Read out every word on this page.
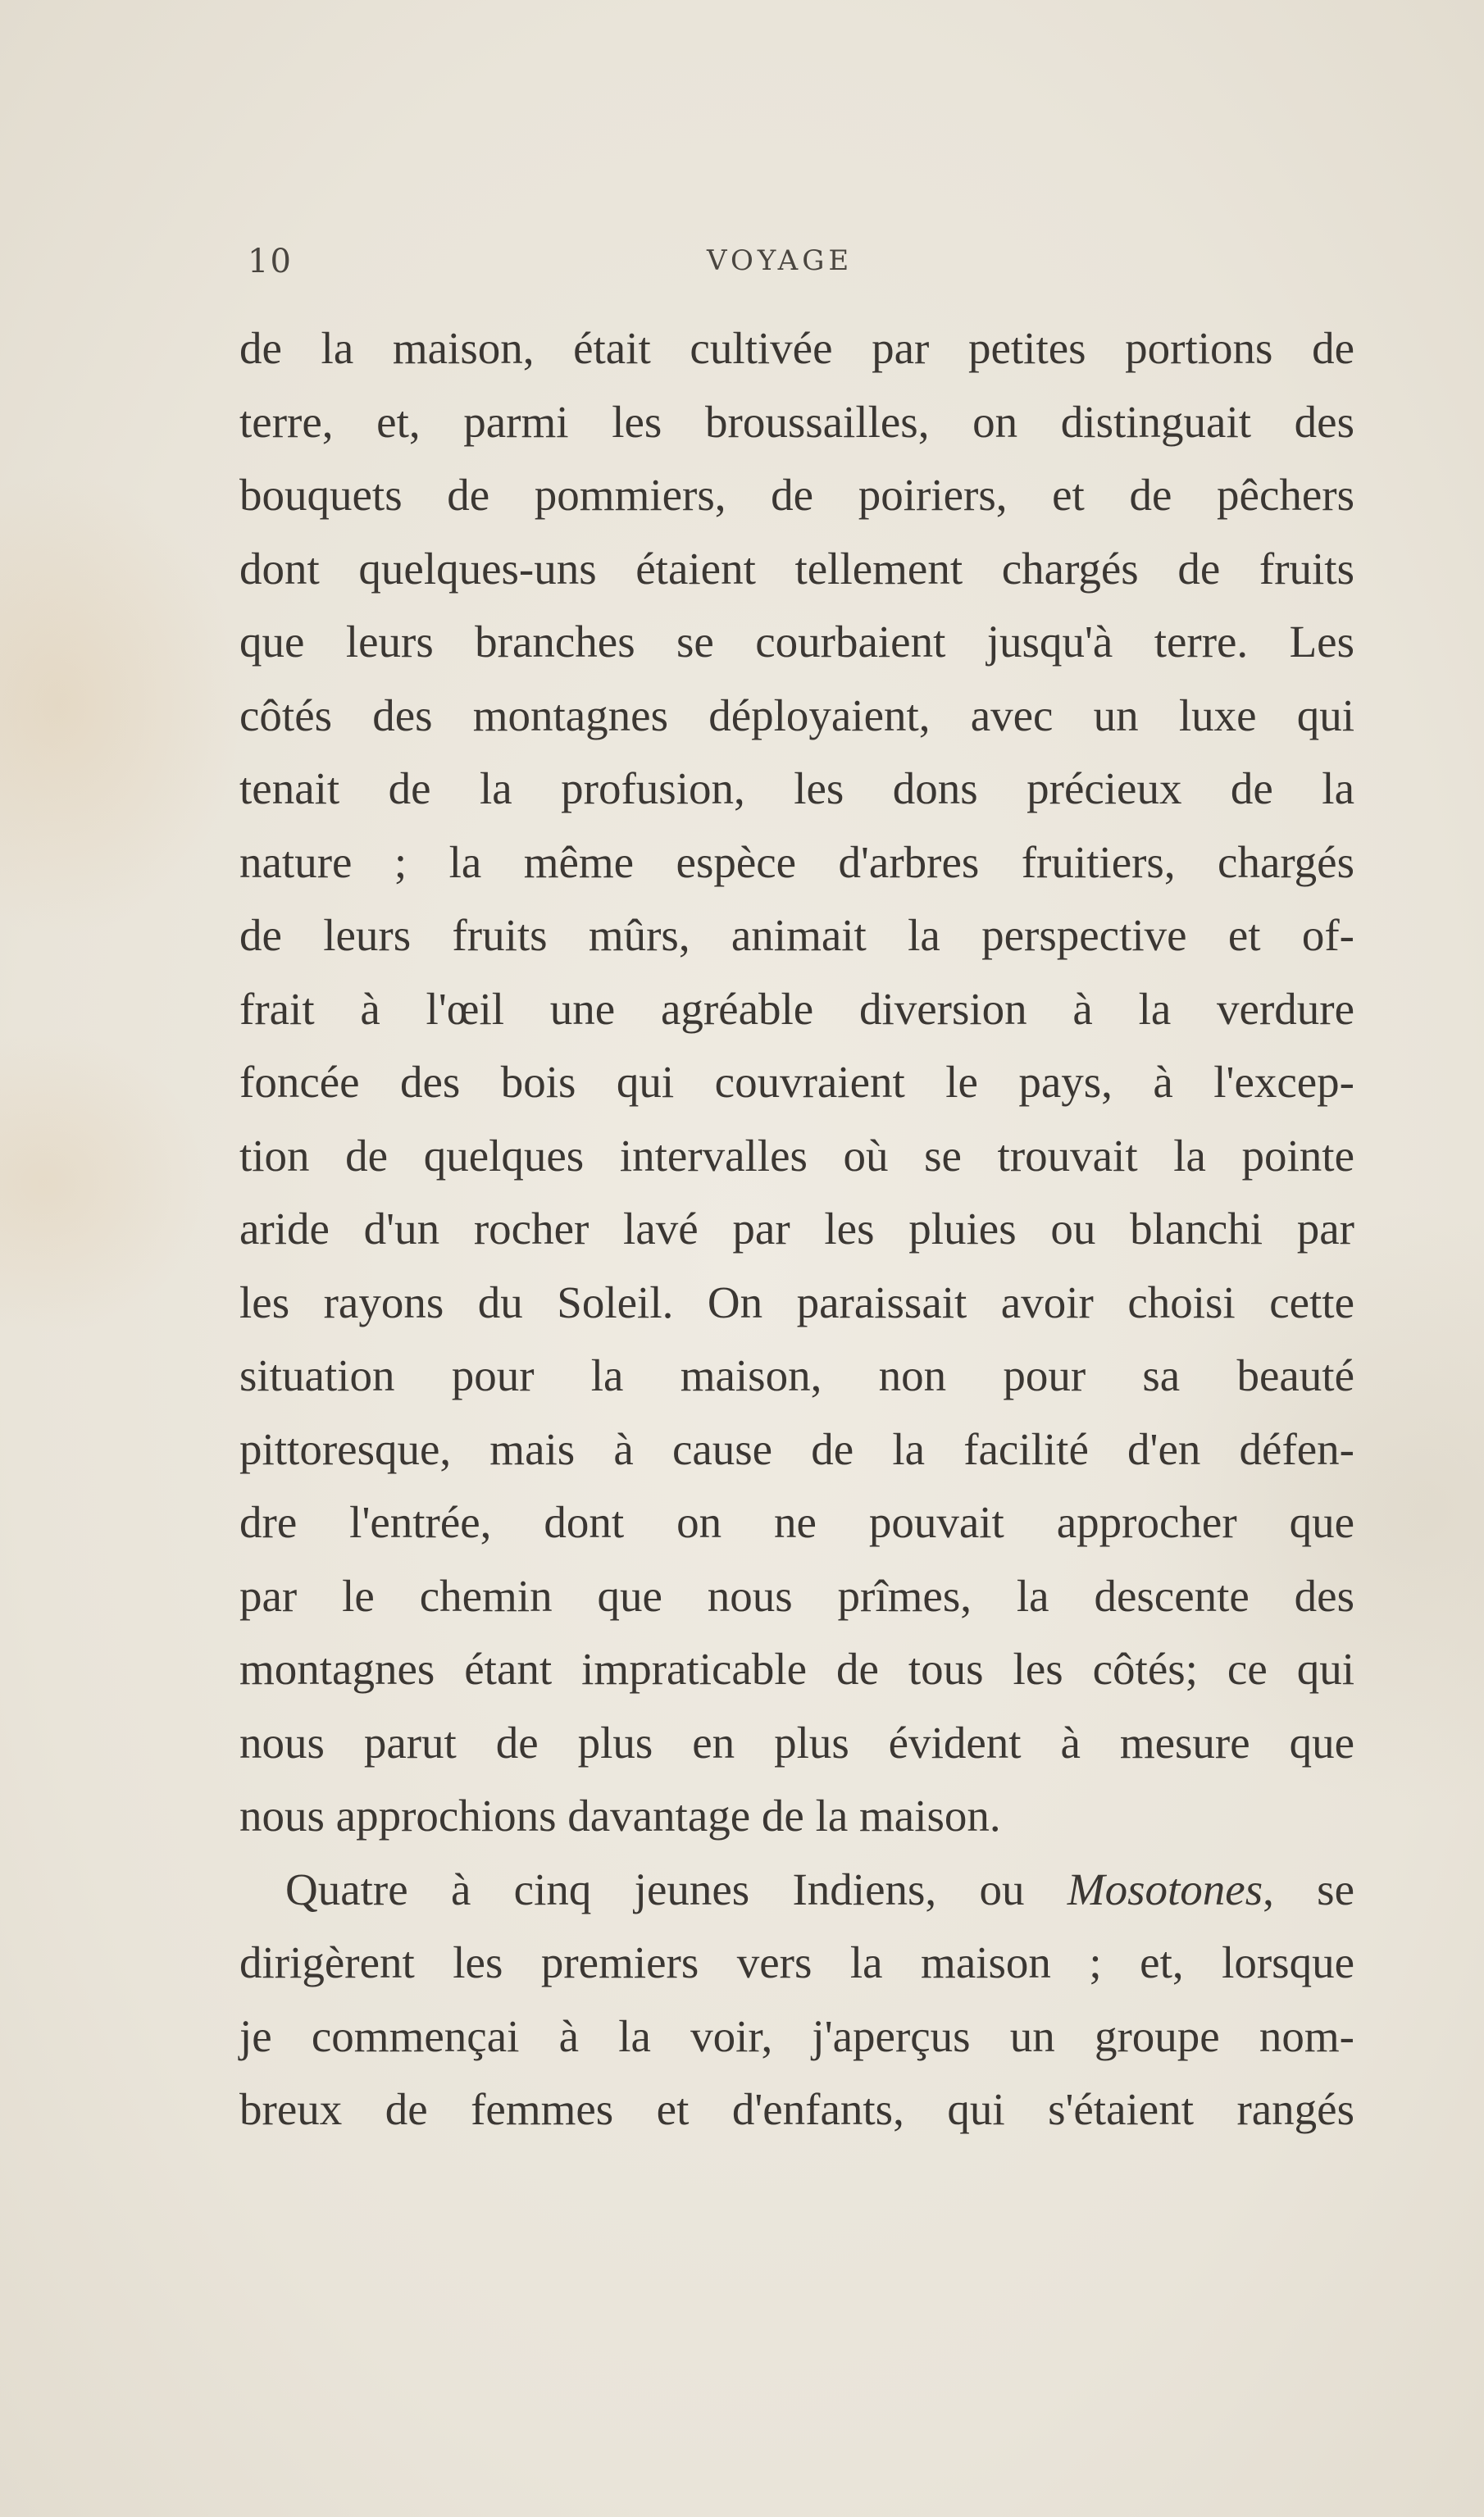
10	VOYAGE
de la maison, était cultivée par petites portions de
terre, et, parmi les broussailles, on distinguait des
bouquets de pommiers, de poiriers, et de pêchers
dont quelques-uns étaient tellement chargés de fruits
que leurs branches se courbaient jusqu'à terre. Les
côtés des montagnes déployaient, avec un luxe qui
tenait de la profusion, les dons précieux de la
nature ; la même espèce d'arbres fruitiers, chargés
de leurs fruits mûrs, animait la perspective et of-
frait à l'œil une agréable diversion à la verdure
foncée des bois qui couvraient le pays, à l'excep-
tion de quelques intervalles où se trouvait la pointe
aride d'un rocher lavé par les pluies ou blanchi par
les rayons du Soleil. On paraissait avoir choisi cette
situation pour la maison, non pour sa beauté
pittoresque, mais à cause de la facilité d'en défen-
dre l'entrée, dont on ne pouvait approcher que
par le chemin que nous prîmes, la descente des
montagnes étant impraticable de tous les côtés; ce qui
nous parut de plus en plus évident à mesure que
nous approchions davantage de la maison.
Quatre à cinq jeunes Indiens, ou Mosotones, se
dirigèrent les premiers vers la maison ; et, lorsque
je commençai à la voir, j'aperçus un groupe nom-
breux de femmes et d'enfants, qui s'étaient rangés
